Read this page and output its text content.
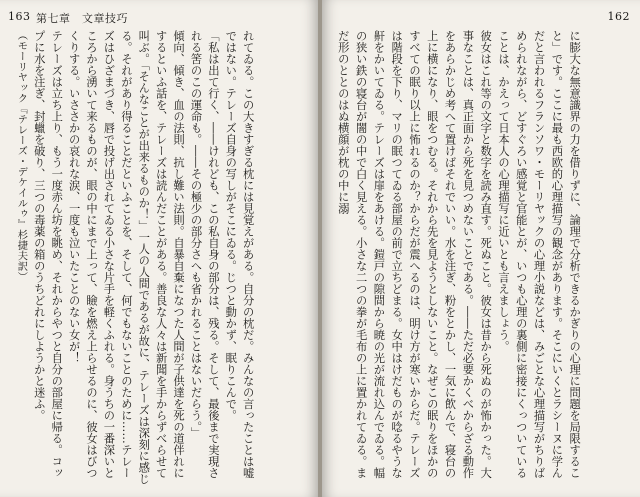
163 第七章　文章技巧

れてゐる。この大きすぎる枕には見覚えがある。自分の枕だ。みんなの言ったことは嘘ではない。テレーズ自身の写しがそこにゐる。じつと動かず、眠りこんで。
「私は出て行く、――けれども、この私自身の部分は、残る。そして、最後まで実現される筈のこの運命も。――その極少の部分さへも省かれることはないだらう。」
傾向、傾き、血の法則、抗し難い法則。自暴自棄になつた人間が子供達を死の道伴れにするといふ話を、テレーズは読んだことがある。善良な人々は新聞を手からずべらせて叫ぶ。「そんなことが出来るものか！」一人の人間であるが故に、テレーズは深刻に感じる。それがあり得ることだといふことを、そして、何でもないことのために……テレーズはひざまづき、唇で投げ出されてゐる小さな片手を軽くふれる。身うちの一番深いところから湧いて来るものが、眼の中にまで上って、瞼を燃え上らせるのに、彼女はびつくりする。いささかの哀れな涙、一度も泣いたことのない女が！
テレーズは立ち上り、もう一度赤ん坊を眺め、それからやつと自分の部屋に帰る。コップに水を注ぎ、封蠟を破り、三つの毒薬の箱のうちどれにしようかと迷ふ。
（モーリヤック『テレーズ・デケイルゥ』杉捷夫訳）

162

に膨大な無意識界の力を借りずに、論理で分析できるかぎりの心理に問題を局限すること」です。ここに最も西欧的心理描写の観念があります。そこにいくとラシーヌに学んだと言われるフランソワ・モーリヤックの心理小説などは、みごとな心理描写がちりばめられながら、どすぐろい感覚と官能とが、いつも心理の裏側に密接にくっついていることは、かえって日本人の心理描写に近いとも言えましょう。
彼女はこれ等の文字と数字を読み直す。死ぬこと。彼女は昔から死ぬのが怖かった。大事なことは、真正面から死を見つめないことである。――ただ必要かくべからざる動作をあらかじめ考へて置けばそれでいい。水を注ぎ、粉をとかし、一気に飲んで、寝台の上に横になり、眼をつむる。それから先を見ようとしないこと。なぜこの眠りをほかのすべての眠り以上に怖れるのか？からだが震へるのは、明け方が寒いからだ。テレーズは階段を下り、マリの眠つてゐる部屋の前で立ちどまる。女中はけだものが唸るやうな鼾をかいてゐる。テレーズは扉をあける。鎧戸の隙間から暁の光が流れ込んでゐる。幅の狭い鉄の寝台が闇の中で白く見える。小さな二つの拳が毛布の上に置かれてゐる。まだ形のととのはぬ横顔が枕の中に溺
